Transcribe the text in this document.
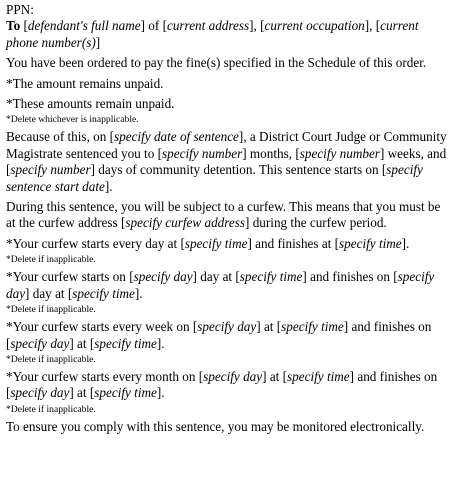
PPN:

To [defendant's full name] of [current address], [current occupation], [current phone number(s)]

You have been ordered to pay the fine(s) specified in the Schedule of this order.

*The amount remains unpaid.

*These amounts remain unpaid.

*Delete whichever is inapplicable.

Because of this, on [specify date of sentence], a District Court Judge or Community Magistrate sentenced you to [specify number] months, [specify number] weeks, and [specify number] days of community detention. This sentence starts on [specify sentence start date].

During this sentence, you will be subject to a curfew. This means that you must be at the curfew address [specify curfew address] during the curfew period.

*Your curfew starts every day at [specify time] and finishes at [specify time].

*Delete if inapplicable.

*Your curfew starts on [specify day] day at [specify time] and finishes on [specify day] day at [specify time].

*Delete if inapplicable.

*Your curfew starts every week on [specify day] at [specify time] and finishes on [specify day] at [specify time].

*Delete if inapplicable.

*Your curfew starts every month on [specify day] at [specify time] and finishes on [specify day] at [specify time].

*Delete if inapplicable.

To ensure you comply with this sentence, you may be monitored electronically.
